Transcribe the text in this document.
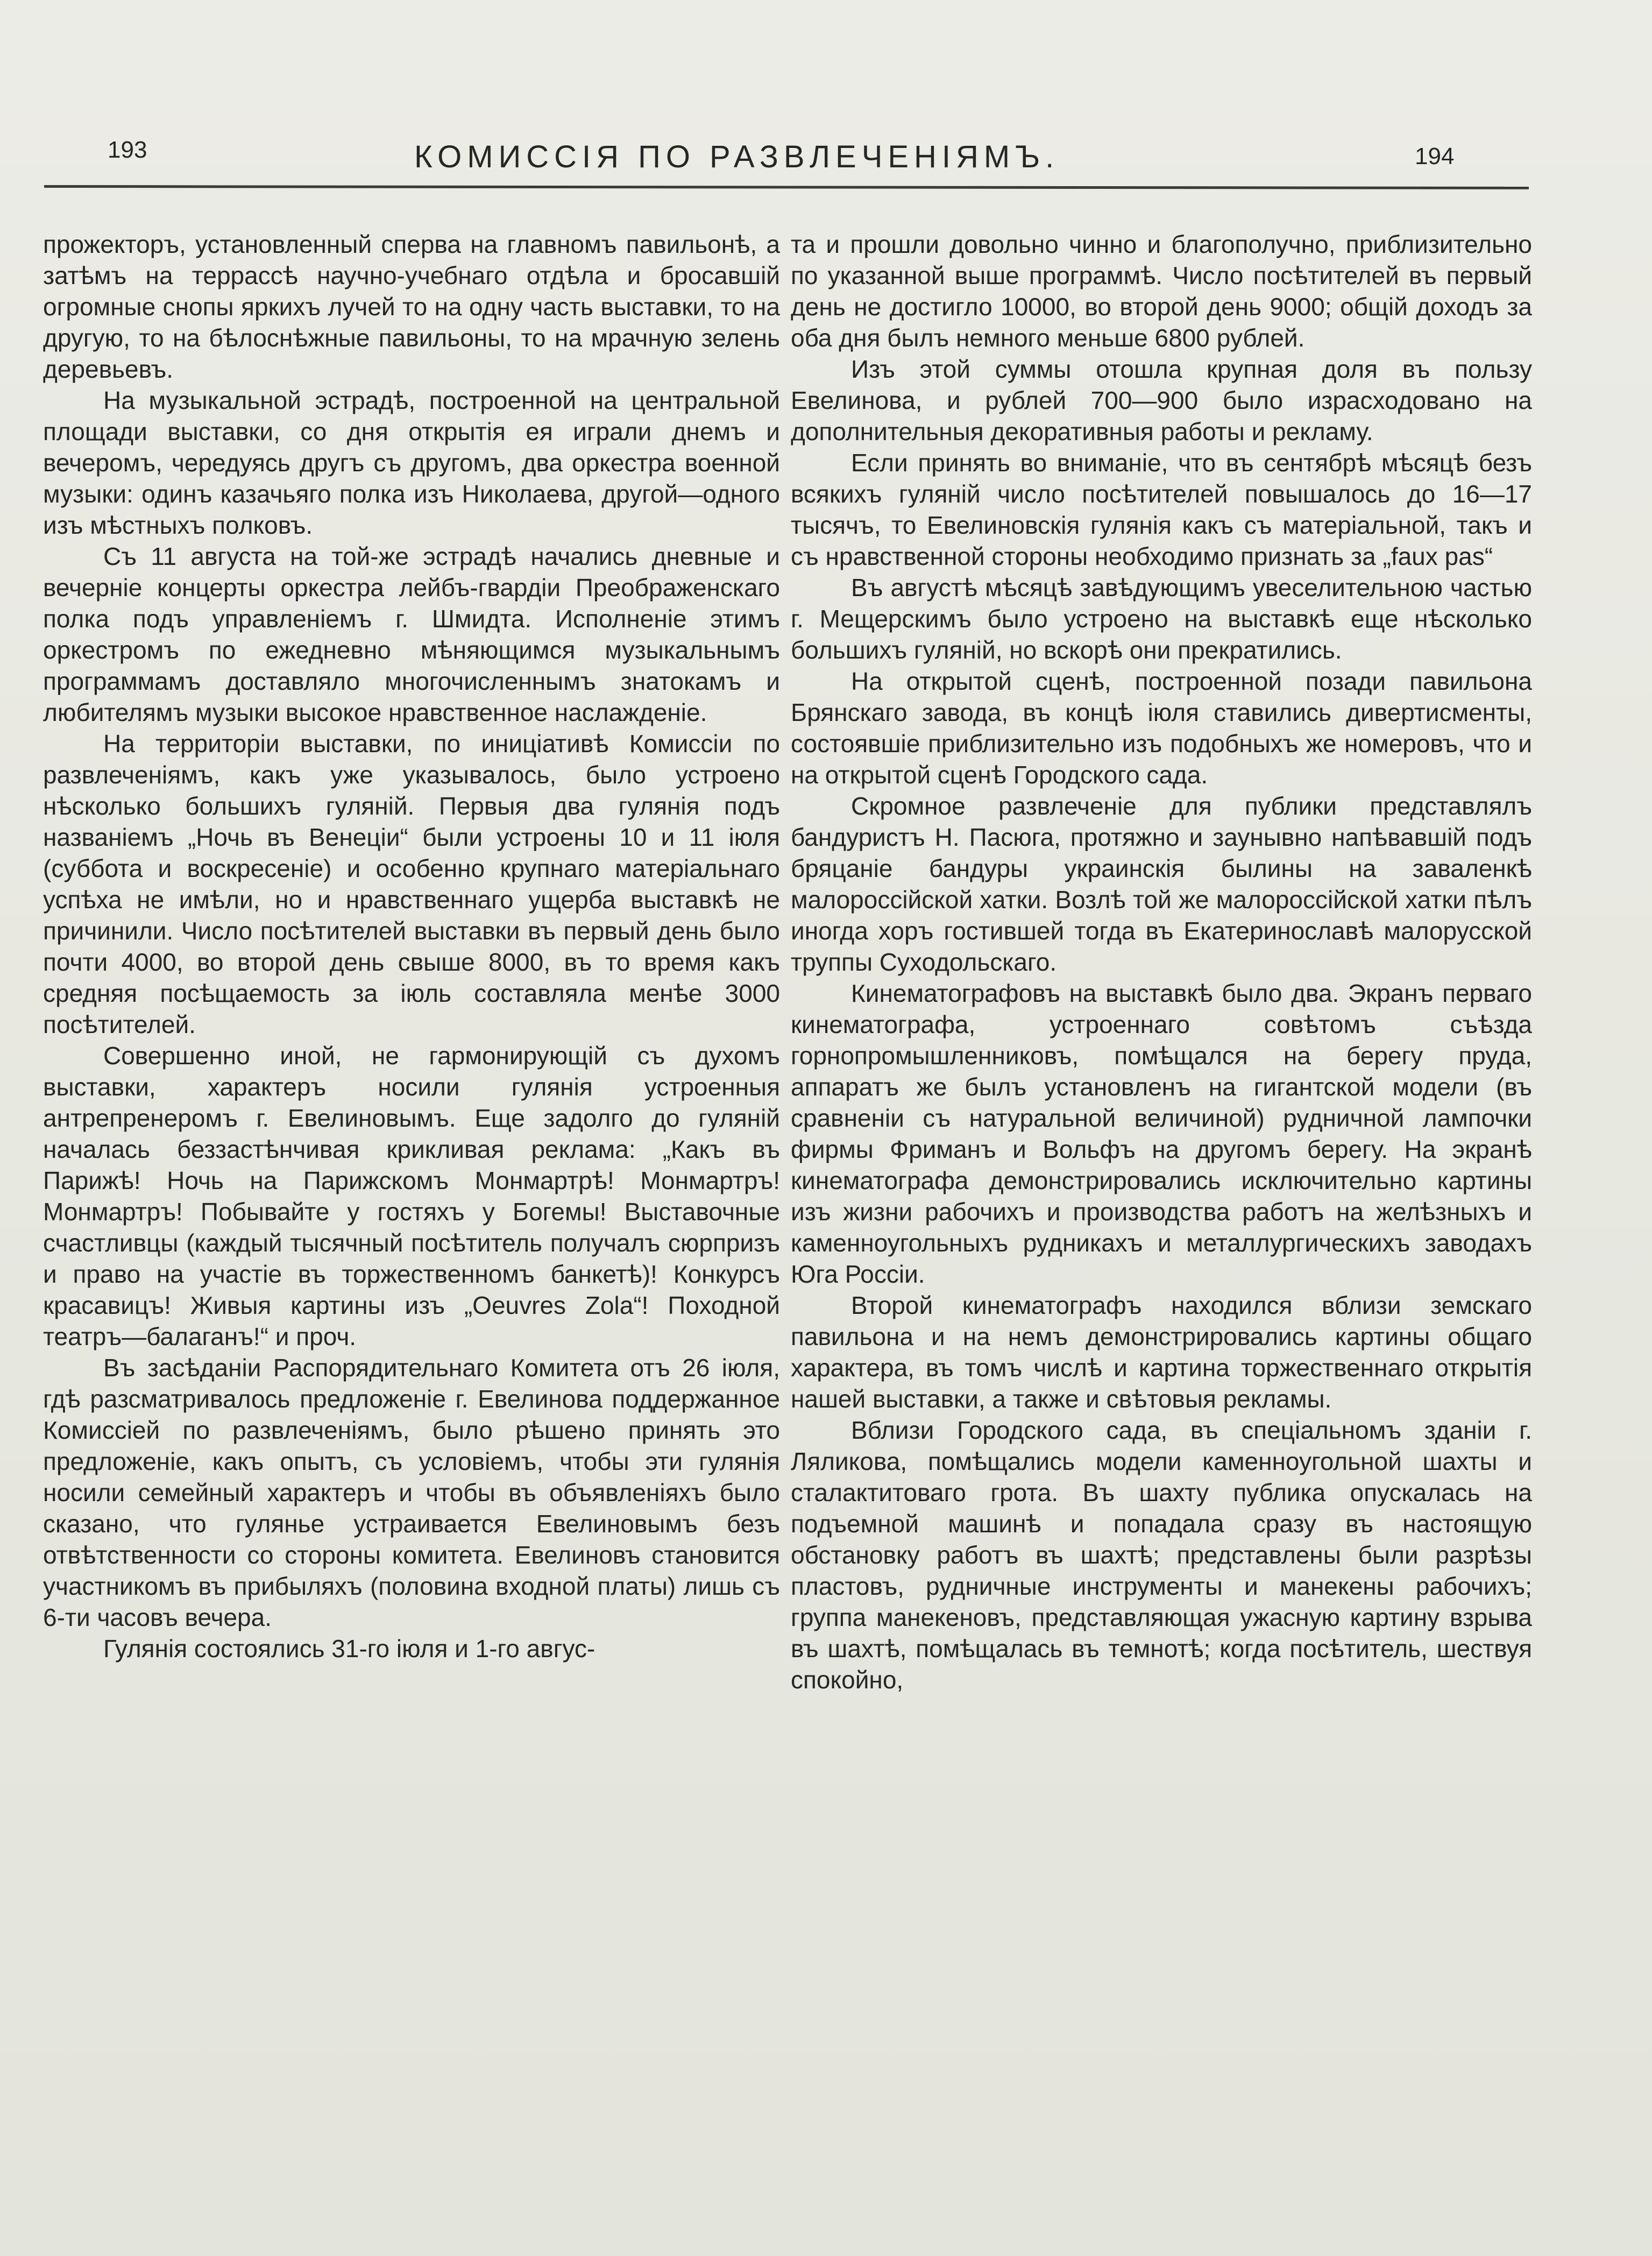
193	КОМИССІЯ ПО РАЗВЛЕЧЕНІЯМЪ.	194

прожекторъ, установленный сперва на главномъ павильонѣ, а затѣмъ на террассѣ научно-учебнаго отдѣла и бросавшій огромные снопы яркихъ лучей то на одну часть выставки, то на другую, то на бѣлоснѣжные павильоны, то на мрачную зелень деревьевъ.

На музыкальной эстрадѣ, построенной на центральной площади выставки, со дня открытія ея играли днемъ и вечеромъ, чередуясь другъ съ другомъ, два оркестра военной музыки: одинъ казачьяго полка изъ Николаева, другой—одного изъ мѣстныхъ полковъ.

Съ 11 августа на той-же эстрадѣ начались дневные и вечерніе концерты оркестра лейбъ-гвардіи Преображенскаго полка подъ управленіемъ г. Шмидта. Исполненіе этимъ оркестромъ по ежедневно мѣняющимся музыкальнымъ программамъ доставляло многочисленнымъ знатокамъ и любителямъ музыки высокое нравственное наслажденіе.

На территоріи выставки, по иниціативѣ Комиссіи по развлеченіямъ, какъ уже указывалось, было устроено нѣсколько большихъ гуляній. Первыя два гулянія подъ названіемъ „Ночь въ Венеціи“ были устроены 10 и 11 іюля (суббота и воскресеніе) и особенно крупнаго матеріальнаго успѣха не имѣли, но и нравственнаго ущерба выставкѣ не причинили. Число посѣтителей выставки въ первый день было почти 4000, во второй день свыше 8000, въ то время какъ средняя посѣщаемость за іюль составляла менѣе 3000 посѣтителей.

Совершенно иной, не гармонирующій съ духомъ выставки, характеръ носили гулянія устроенныя антрепренеромъ г. Евелиновымъ. Еще задолго до гуляній началась беззастѣнчивая крикливая реклама: „Какъ въ Парижѣ! Ночь на Парижскомъ Монмартрѣ! Монмартръ! Монмартръ! Побывайте у гостяхъ у Богемы! Выставочные счастливцы (каждый тысячный посѣтитель получалъ сюрпризъ и право на участіе въ торжественномъ банкетѣ)! Конкурсъ красавицъ! Живыя картины изъ „Oeuvres Zola“! Походной театръ—балаганъ!“ и проч.

Въ засѣданіи Распорядительнаго Комитета отъ 26 іюля, гдѣ разсматривалось предложеніе г. Евелинова поддержанное Комиссіей по развлеченіямъ, было рѣшено принять это предложеніе, какъ опытъ, съ условіемъ, чтобы эти гулянія носили семейный характеръ и чтобы въ объявленіяхъ было сказано, что гулянье устраивается Евелиновымъ безъ отвѣтственности со стороны комитета. Евелиновъ становится участникомъ въ прибыляхъ (половина входной платы) лишь съ 6-ти часовъ вечера.

Гулянія состоялись 31-го іюля и 1-го авгус-

та и прошли довольно чинно и благополучно, приблизительно по указанной выше программѣ. Число посѣтителей въ первый день не достигло 10000, во второй день 9000; общій доходъ за оба дня былъ немного меньше 6800 рублей.

Изъ этой суммы отошла крупная доля въ пользу Евелинова, и рублей 700—900 было израсходовано на дополнительныя декоративныя работы и рекламу.

Если принять во вниманіе, что въ сентябрѣ мѣсяцѣ безъ всякихъ гуляній число посѣтителей повышалось до 16—17 тысячъ, то Евелиновскія гулянія какъ съ матеріальной, такъ и съ нравственной стороны необходимо признать за „faux pas“

Въ августѣ мѣсяцѣ завѣдующимъ увеселительною частью г. Мещерскимъ было устроено на выставкѣ еще нѣсколько большихъ гуляній, но вскорѣ они прекратились.

На открытой сценѣ, построенной позади павильона Брянскаго завода, въ концѣ іюля ставились дивертисменты, состоявшіе приблизительно изъ подобныхъ же номеровъ, что и на открытой сценѣ Городского сада.

Скромное развлеченіе для публики представлялъ бандуристъ Н. Пасюга, протяжно и заунывно напѣвавшій подъ бряцаніе бандуры украинскія былины на заваленкѣ малороссійской хатки. Возлѣ той же малороссійской хатки пѣлъ иногда хоръ гостившей тогда въ Екатеринославѣ малорусской труппы Суходольскаго.

Кинематографовъ на выставкѣ было два. Экранъ перваго кинематографа, устроеннаго совѣтомъ съѣзда горнопромышленниковъ, помѣщался на берегу пруда, аппаратъ же былъ установленъ на гигантской модели (въ сравненіи съ натуральной величиной) рудничной лампочки фирмы Фриманъ и Вольфъ на другомъ берегу. На экранѣ кинематографа демонстрировались исключительно картины изъ жизни рабочихъ и производства работъ на желѣзныхъ и каменноугольныхъ рудникахъ и металлургическихъ заводахъ Юга Россіи.

Второй кинематографъ находился вблизи земскаго павильона и на немъ демонстрировались картины общаго характера, въ томъ числѣ и картина торжественнаго открытія нашей выставки, а также и свѣтовыя рекламы.

Вблизи Городского сада, въ спеціальномъ зданіи г. Ляликова, помѣщались модели каменноугольной шахты и сталактитоваго грота. Въ шахту публика опускалась на подъемной машинѣ и попадала сразу въ настоящую обстановку работъ въ шахтѣ; представлены были разрѣзы пластовъ, рудничные инструменты и манекены рабочихъ; группа манекеновъ, представляющая ужасную картину взрыва въ шахтѣ, помѣщалась въ темнотѣ; когда посѣтитель, шествуя спокойно,
